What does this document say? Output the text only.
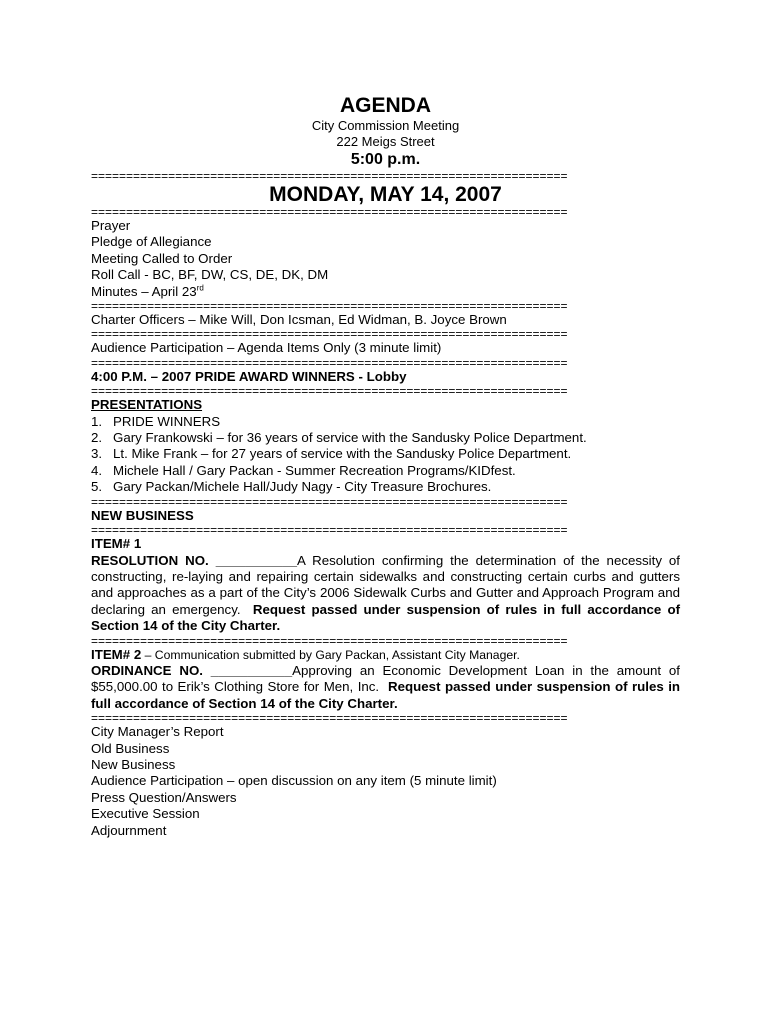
AGENDA
City Commission Meeting
222 Meigs Street
5:00 p.m.
====================================================================
MONDAY, MAY 14, 2007
====================================================================
Prayer
Pledge of Allegiance
Meeting Called to Order
Roll Call - BC, BF, DW, CS, DE, DK, DM
Minutes – April 23rd
====================================================================
Charter Officers – Mike Will, Don Icsman, Ed Widman, B. Joyce Brown
====================================================================
Audience Participation – Agenda Items Only (3 minute limit)
====================================================================
4:00 P.M. – 2007 PRIDE AWARD WINNERS - Lobby
====================================================================
PRESENTATIONS
1. PRIDE WINNERS
2. Gary Frankowski – for 36 years of service with the Sandusky Police Department.
3. Lt. Mike Frank – for 27 years of service with the Sandusky Police Department.
4. Michele Hall / Gary Packan - Summer Recreation Programs/KIDfest.
5. Gary Packan/Michele Hall/Judy Nagy - City Treasure Brochures.
====================================================================
NEW BUSINESS
====================================================================
ITEM# 1
RESOLUTION NO. ___________A Resolution confirming the determination of the necessity of constructing, re-laying and repairing certain sidewalks and constructing certain curbs and gutters and approaches as a part of the City’s 2006 Sidewalk Curbs and Gutter and Approach Program and declaring an emergency. Request passed under suspension of rules in full accordance of Section 14 of the City Charter.
====================================================================
ITEM# 2 – Communication submitted by Gary Packan, Assistant City Manager.
ORDINANCE NO. ___________Approving an Economic Development Loan in the amount of $55,000.00 to Erik’s Clothing Store for Men, Inc. Request passed under suspension of rules in full accordance of Section 14 of the City Charter.
====================================================================
City Manager’s Report
Old Business
New Business
Audience Participation – open discussion on any item (5 minute limit)
Press Question/Answers
Executive Session
Adjournment
